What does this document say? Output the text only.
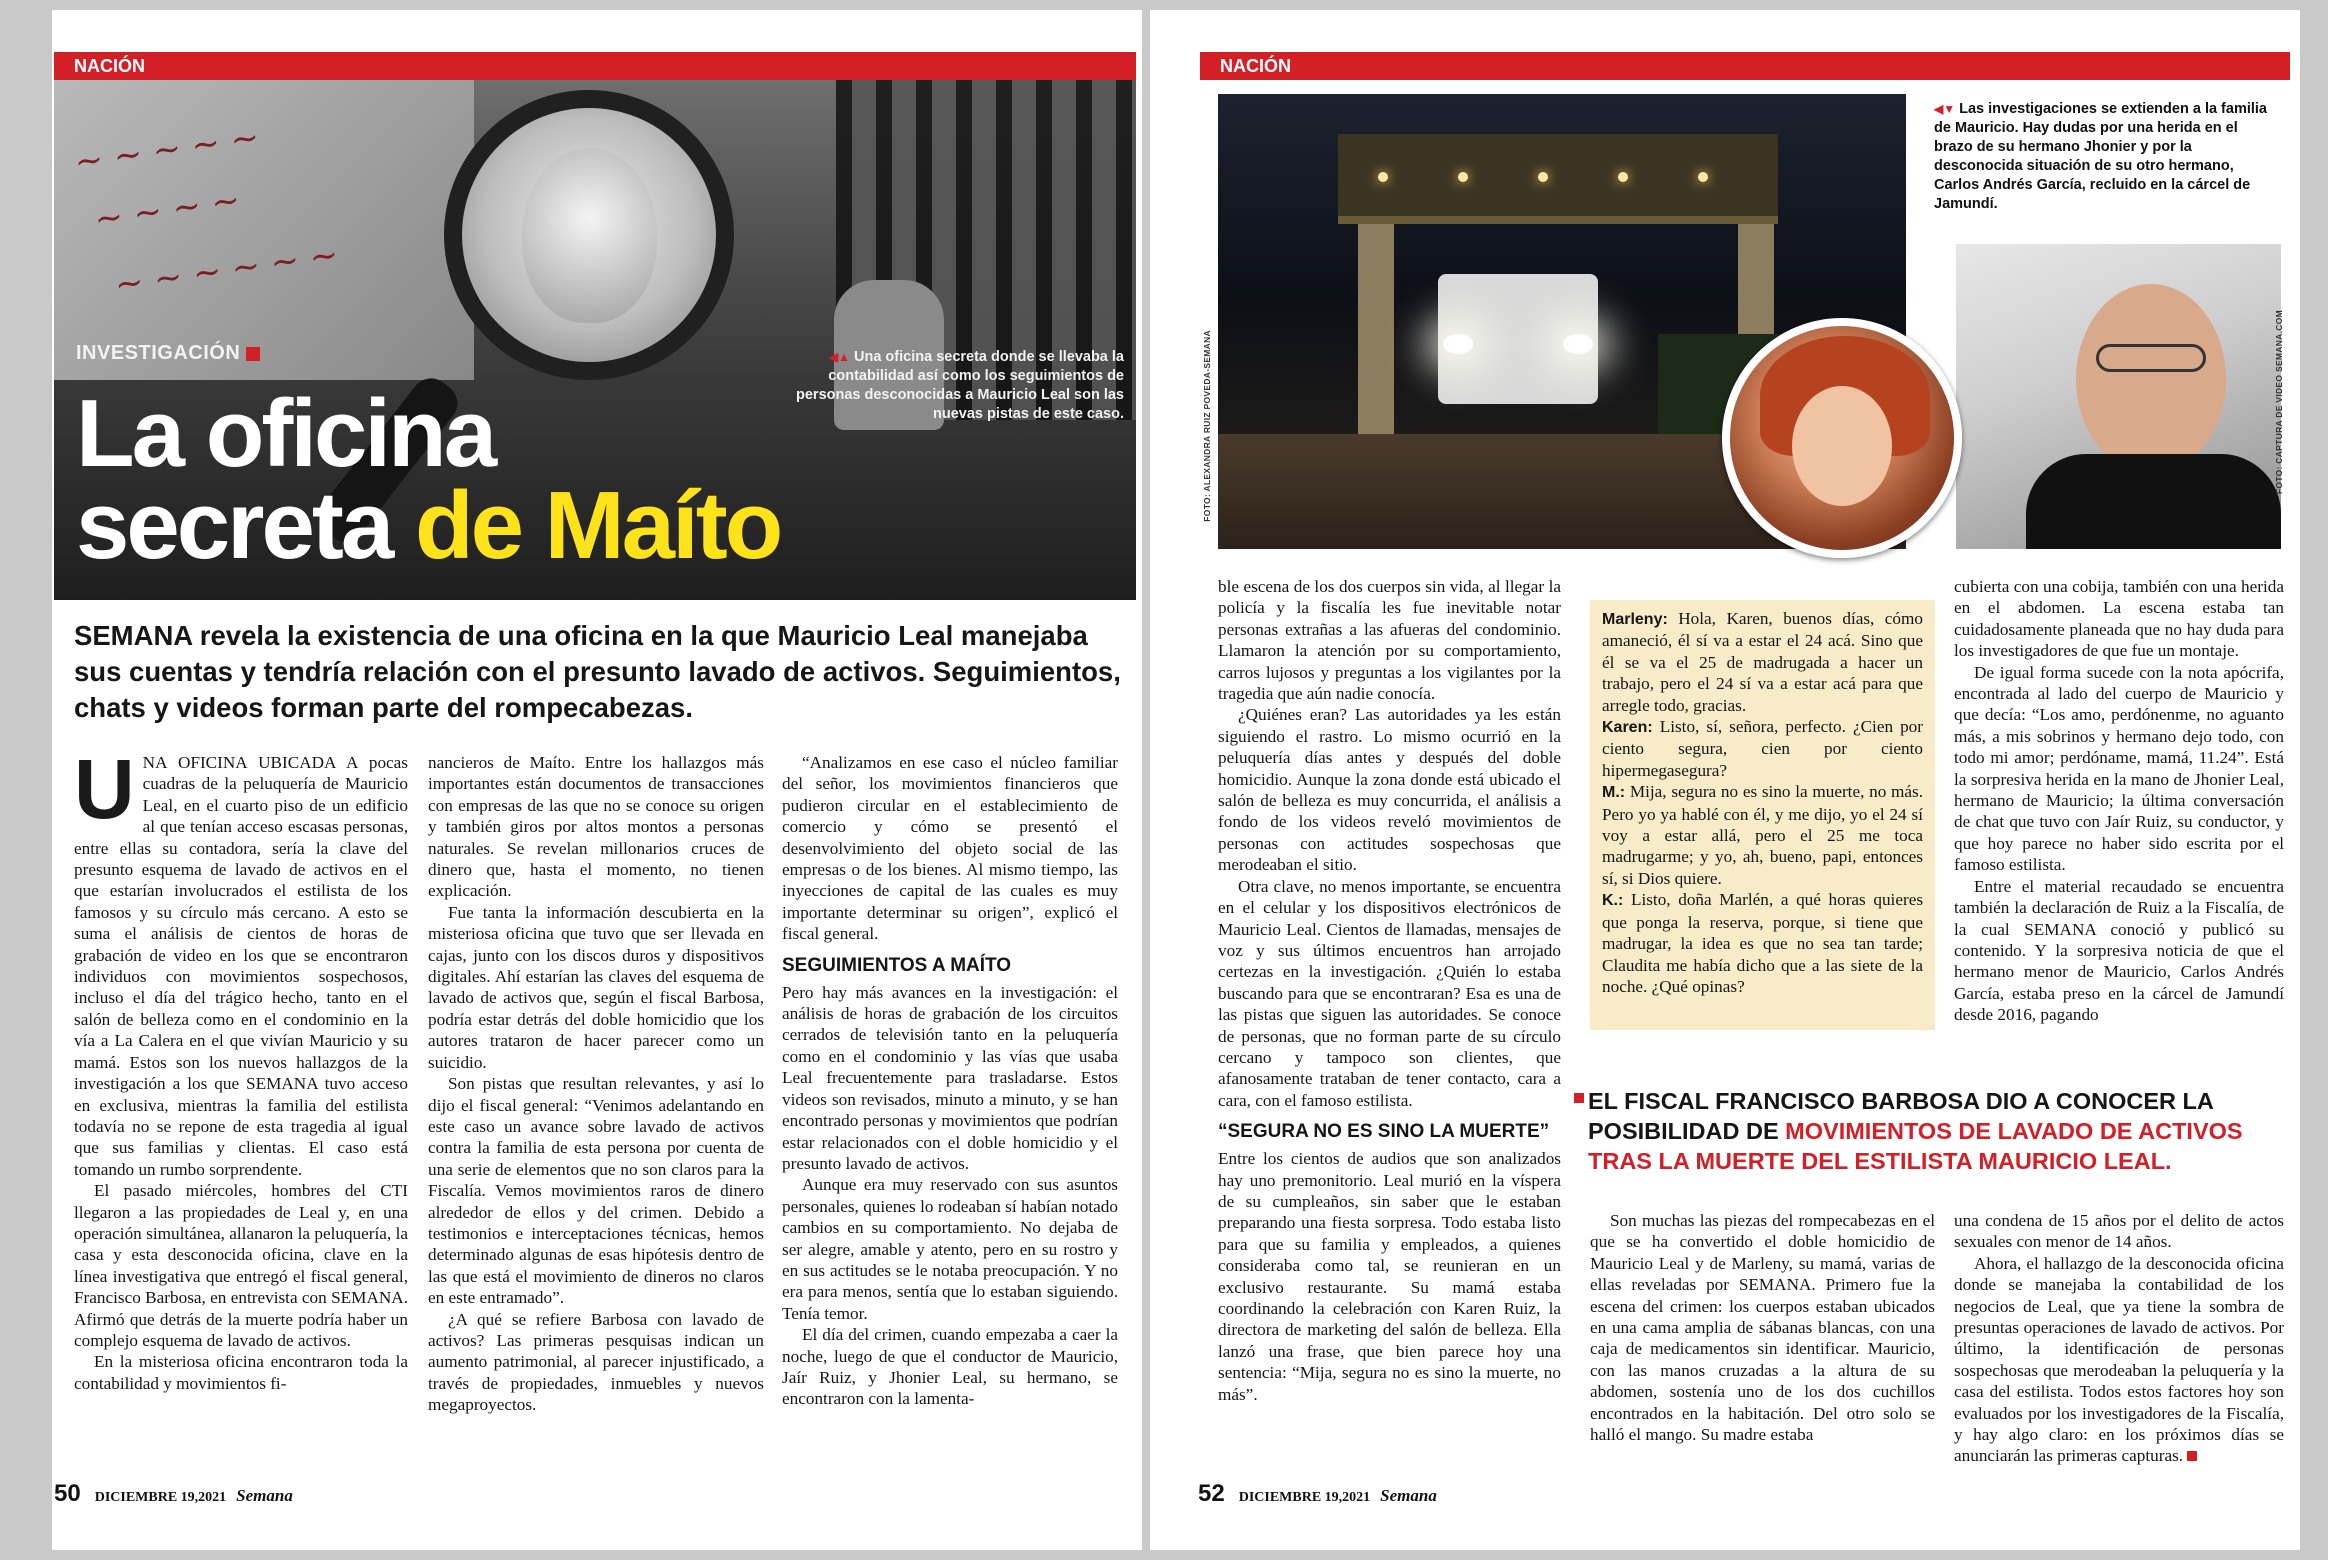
NACIÓN
~ ~ ~ ~ ~
~ ~ ~ ~
~ ~ ~ ~ ~ ~
INVESTIGACIÓN	◀▲ Una oficina secreta donde se llevaba la contabilidad así como los seguimientos de personas desconocidas a Mauricio Leal son las nuevas pistas de este caso.
La oficina
secreta de Maíto
SEMANA revela la existencia de una oficina en la que Mauricio Leal manejaba sus cuentas y tendría relación con el presunto lavado de activos. Seguimientos, chats y videos forman parte del rompecabezas.
U NA OFICINA UBICADA A pocas cuadras de la peluquería de Mauricio Leal, en el cuarto piso de un edificio al que tenían acceso escasas personas, entre ellas su contadora, sería la clave del presunto esquema de lavado de activos en el que estarían involucrados el estilista de los famosos y su círculo más cercano. A esto se suma el análisis de cientos de horas de grabación de video en los que se encontraron individuos con movimientos sospechosos, incluso el día del trágico hecho, tanto en el salón de belleza como en el condominio en la vía a La Calera en el que vivían Mauricio y su mamá. Estos son los nuevos hallazgos de la investigación a los que SEMANA tuvo acceso en exclusiva, mientras la familia del estilista todavía no se repone de esta tragedia al igual que sus familias y clientas. El caso está tomando un rumbo sorprendente.

El pasado miércoles, hombres del CTI llegaron a las propiedades de Leal y, en una operación simultánea, allanaron la peluquería, la casa y esta desconocida oficina, clave en la línea investigativa que entregó el fiscal general, Francisco Barbosa, en entrevista con SEMANA. Afirmó que detrás de la muerte podría haber un complejo esquema de lavado de activos.

En la misteriosa oficina encontraron toda la contabilidad y movimientos fi-

nancieros de Maíto. Entre los hallazgos más importantes están documentos de transacciones con empresas de las que no se conoce su origen y también giros por altos montos a personas naturales. Se revelan millonarios cruces de dinero que, hasta el momento, no tienen explicación.

Fue tanta la información descubierta en la misteriosa oficina que tuvo que ser llevada en cajas, junto con los discos duros y dispositivos digitales. Ahí estarían las claves del esquema de lavado de activos que, según el fiscal Barbosa, podría estar detrás del doble homicidio que los autores trataron de hacer parecer como un suicidio.

Son pistas que resultan relevantes, y así lo dijo el fiscal general: “Venimos adelantando en este caso un avance sobre lavado de activos contra la familia de esta persona por cuenta de una serie de elementos que no son claros para la Fiscalía. Vemos movimientos raros de dinero alrededor de ellos y del crimen. Debido a testimonios e interceptaciones técnicas, hemos determinado algunas de esas hipótesis dentro de las que está el movimiento de dineros no claros en este entramado”.

¿A qué se refiere Barbosa con lavado de activos? Las primeras pesquisas indican un aumento patrimonial, al parecer injustificado, a través de propiedades, inmuebles y nuevos megaproyectos.

“Analizamos en ese caso el núcleo familiar del señor, los movimientos financieros que pudieron circular en el establecimiento de comercio y cómo se presentó el desenvolvimiento del objeto social de las empresas o de los bienes. Al mismo tiempo, las inyecciones de capital de las cuales es muy importante determinar su origen”, explicó el fiscal general.

SEGUIMIENTOS A MAÍTO

Pero hay más avances en la investigación: el análisis de horas de grabación de los circuitos cerrados de televisión tanto en la peluquería como en el condominio y las vías que usaba Leal frecuentemente para trasladarse. Estos videos son revisados, minuto a minuto, y se han encontrado personas y movimientos que podrían estar relacionados con el doble homicidio y el presunto lavado de activos.

Aunque era muy reservado con sus asuntos personales, quienes lo rodeaban sí habían notado cambios en su comportamiento. No dejaba de ser alegre, amable y atento, pero en su rostro y en sus actitudes se le notaba preocupación. Y no era para menos, sentía que lo estaban siguiendo. Tenía temor.

El día del crimen, cuando empezaba a caer la noche, luego de que el conductor de Mauricio, Jaír Ruiz, y Jhonier Leal, su hermano, se encontraron con la lamenta-

50 DICIEMBRE 19,2021 Semana
NACIÓN
FOTO: ALEXANDRA RUIZ POVEDA-SEMANA
◀▼ Las investigaciones se extienden a la familia de Mauricio. Hay dudas por una herida en el brazo de su hermano Jhonier y por la desconocida situación de su otro hermano, Carlos Andrés García, recluido en la cárcel de Jamundí.
FOTO: CAPTURA DE VIDEO SEMANA.COM

ble escena de los dos cuerpos sin vida, al llegar la policía y la fiscalía les fue inevitable notar personas extrañas a las afueras del condominio. Llamaron la atención por su comportamiento, carros lujosos y preguntas a los vigilantes por la tragedia que aún nadie conocía.

¿Quiénes eran? Las autoridades ya les están siguiendo el rastro. Lo mismo ocurrió en la peluquería días antes y después del doble homicidio. Aunque la zona donde está ubicado el salón de belleza es muy concurrida, el análisis a fondo de los videos reveló movimientos de personas con actitudes sospechosas que merodeaban el sitio.

Otra clave, no menos importante, se encuentra en el celular y los dispositivos electrónicos de Mauricio Leal. Cientos de llamadas, mensajes de voz y sus últimos encuentros han arrojado certezas en la investigación. ¿Quién lo estaba buscando para que se encontraran? Esa es una de las pistas que siguen las autoridades. Se conoce de personas, que no forman parte de su círculo cercano y tampoco son clientes, que afanosamente trataban de tener contacto, cara a cara, con el famoso estilista.

“SEGURA NO ES SINO LA MUERTE”

Entre los cientos de audios que son analizados hay uno premonitorio. Leal murió en la víspera de su cumpleaños, sin saber que le estaban preparando una fiesta sorpresa. Todo estaba listo para que su familia y empleados, a quienes consideraba como tal, se reunieran en un exclusivo restaurante. Su mamá estaba coordinando la celebración con Karen Ruiz, la directora de marketing del salón de belleza. Ella lanzó una frase, que bien parece hoy una sentencia: “Mija, segura no es sino la muerte, no más”.

Marleny: Hola, Karen, buenos días, cómo amaneció, él sí va a estar el 24 acá. Sino que él se va el 25 de madrugada a hacer un trabajo, pero el 24 sí va a estar acá para que arregle todo, gracias.

Karen: Listo, sí, señora, perfecto. ¿Cien por ciento segura, cien por ciento hipermegasegura?

M.: Mija, segura no es sino la muerte, no más. Pero yo ya hablé con él, y me dijo, yo el 24 sí voy a estar allá, pero el 25 me toca madrugarme; y yo, ah, bueno, papi, entonces sí, si Dios quiere.

K.: Listo, doña Marlén, a qué horas quieres que ponga la reserva, porque, si tiene que madrugar, la idea es que no sea tan tarde; Claudita me había dicho que a las siete de la noche. ¿Qué opinas?

EL FISCAL FRANCISCO BARBOSA DIO A CONOCER LA POSIBILIDAD DE MOVIMIENTOS DE LAVADO DE ACTIVOS TRAS LA MUERTE DEL ESTILISTA MAURICIO LEAL.

Son muchas las piezas del rompecabezas en el que se ha convertido el doble homicidio de Mauricio Leal y de Marleny, su mamá, varias de ellas reveladas por SEMANA. Primero fue la escena del crimen: los cuerpos estaban ubicados en una cama amplia de sábanas blancas, con una caja de medicamentos sin identificar. Mauricio, con las manos cruzadas a la altura de su abdomen, sostenía uno de los dos cuchillos encontrados en la habitación. Del otro solo se halló el mango. Su madre estaba

cubierta con una cobija, también con una herida en el abdomen. La escena estaba tan cuidadosamente planeada que no hay duda para los investigadores de que fue un montaje.

De igual forma sucede con la nota apócrifa, encontrada al lado del cuerpo de Mauricio y que decía: “Los amo, perdónenme, no aguanto más, a mis sobrinos y hermano dejo todo, con todo mi amor; perdóname, mamá, 11.24”. Está la sorpresiva herida en la mano de Jhonier Leal, hermano de Mauricio; la última conversación de chat que tuvo con Jaír Ruiz, su conductor, y que hoy parece no haber sido escrita por el famoso estilista.

Entre el material recaudado se encuentra también la declaración de Ruiz a la Fiscalía, de la cual SEMANA conoció y publicó su contenido. Y la sorpresiva noticia de que el hermano menor de Mauricio, Carlos Andrés García, estaba preso en la cárcel de Jamundí desde 2016, pagando

una condena de 15 años por el delito de actos sexuales con menor de 14 años.

Ahora, el hallazgo de la desconocida oficina donde se manejaba la contabilidad de los negocios de Leal, que ya tiene la sombra de presuntas operaciones de lavado de activos. Por último, la identificación de personas sospechosas que merodeaban la peluquería y la casa del estilista. Todos estos factores hoy son evaluados por los investigadores de la Fiscalía, y hay algo claro: en los próximos días se anunciarán las primeras capturas.

52 DICIEMBRE 19,2021 Semana
